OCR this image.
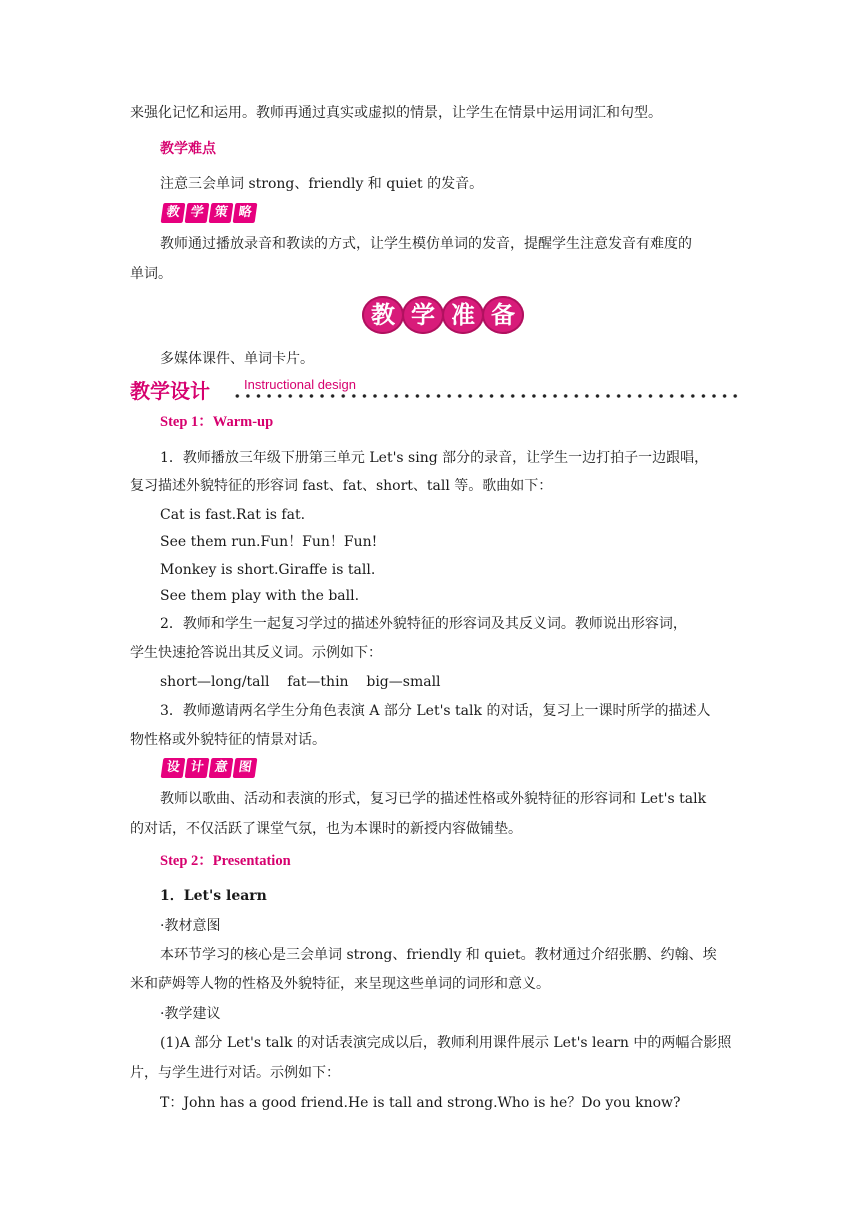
来强化记忆和运用。教师再通过真实或虚拟的情景，让学生在情景中运用词汇和句型。
教学难点
注意三会单词 strong、friendly 和 quiet 的发音。
教 学 策 略
教师通过播放录音和教读的方式，让学生模仿单词的发音，提醒学生注意发音有难度的
单词。
教 学 准 备
多媒体课件、单词卡片。
教学设计	Instructional design
Step 1：Warm-up
1．教师播放三年级下册第三单元 Let's sing 部分的录音，让学生一边打拍子一边跟唱，
复习描述外貌特征的形容词 fast、fat、short、tall 等。歌曲如下：
Cat is fast.Rat is fat.
See them run.Fun！Fun！Fun!
Monkey is short.Giraffe is tall.
See them play with the ball.
2．教师和学生一起复习学过的描述外貌特征的形容词及其反义词。教师说出形容词，
学生快速抢答说出其反义词。示例如下：
short—long/tall    fat—thin    big—small
3．教师邀请两名学生分角色表演 A 部分 Let's talk 的对话，复习上一课时所学的描述人
物性格或外貌特征的情景对话。
设 计 意 图
教师以歌曲、活动和表演的形式，复习已学的描述性格或外貌特征的形容词和 Let's talk
的对话，不仅活跃了课堂气氛，也为本课时的新授内容做铺垫。
Step 2：Presentation
1．Let's learn
·教材意图
本环节学习的核心是三会单词 strong、friendly 和 quiet。教材通过介绍张鹏、约翰、埃
米和萨姆等人物的性格及外貌特征，来呈现这些单词的词形和意义。
·教学建议
(1)A 部分 Let's talk 的对话表演完成以后，教师利用课件展示 Let's learn 中的两幅合影照
片，与学生进行对话。示例如下：
T：John has a good friend.He is tall and strong.Who is he？Do you know?
